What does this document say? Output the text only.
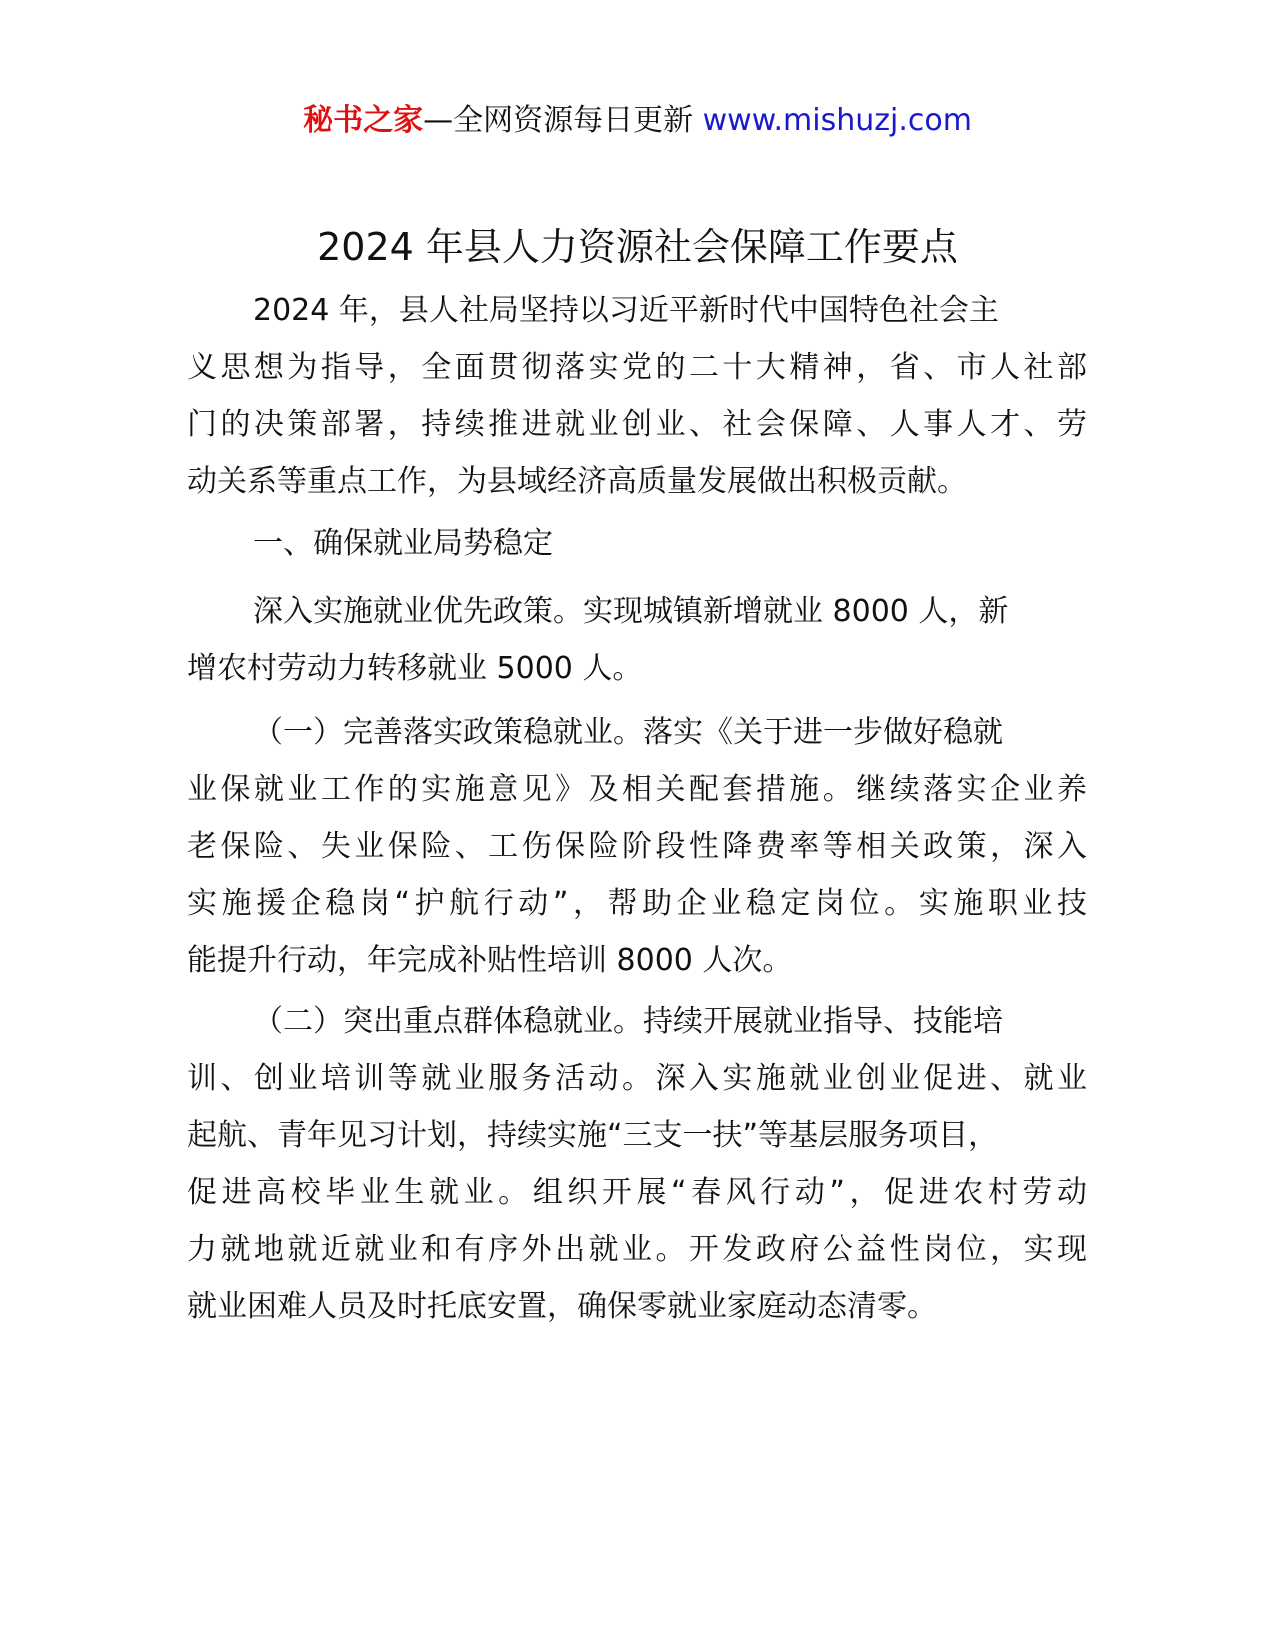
秘书之家—全网资源每日更新 www.mishuzj.com
2024 年县人力资源社会保障工作要点
2024 年，县人社局坚持以习近平新时代中国特色社会主
义思想为指导，全面贯彻落实党的二十大精神，省、市人社部
门的决策部署，持续推进就业创业、社会保障、人事人才、劳
动关系等重点工作，为县域经济高质量发展做出积极贡献。
一、确保就业局势稳定
深入实施就业优先政策。实现城镇新增就业 8000 人，新
增农村劳动力转移就业 5000 人。
（一）完善落实政策稳就业。落实《关于进一步做好稳就
业保就业工作的实施意见》及相关配套措施。继续落实企业养
老保险、失业保险、工伤保险阶段性降费率等相关政策，深入
实施援企稳岗“护航行动”，帮助企业稳定岗位。实施职业技
能提升行动，年完成补贴性培训 8000 人次。
（二）突出重点群体稳就业。持续开展就业指导、技能培
训、创业培训等就业服务活动。深入实施就业创业促进、就业
起航、青年见习计划，持续实施“三支一扶”等基层服务项目，
促进高校毕业生就业。组织开展“春风行动”，促进农村劳动
力就地就近就业和有序外出就业。开发政府公益性岗位，实现
就业困难人员及时托底安置，确保零就业家庭动态清零。
